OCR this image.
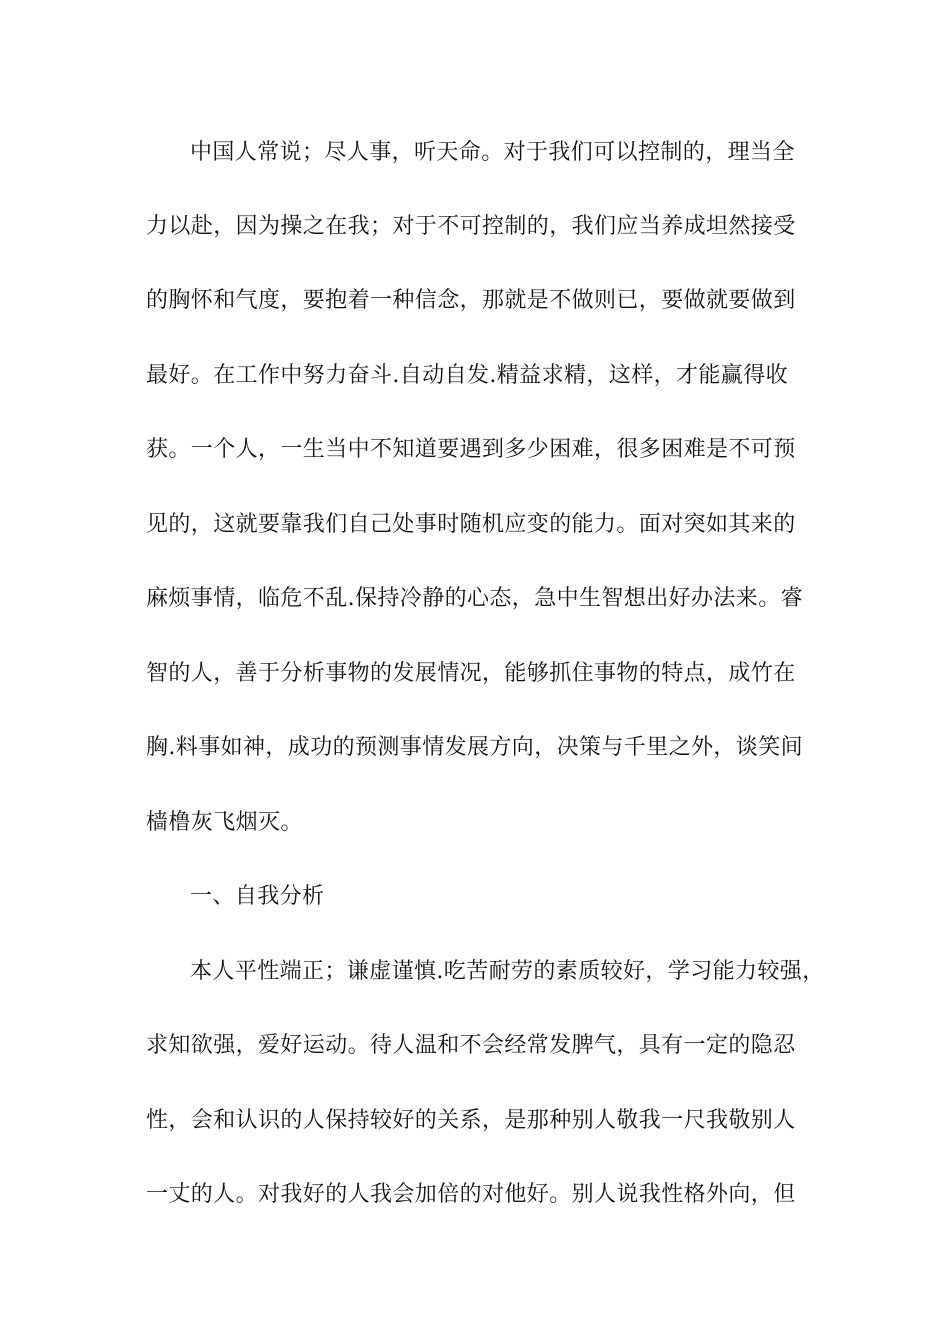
中国人常说；尽人事，听天命。对于我们可以控制的，理当全
力以赴，因为操之在我；对于不可控制的，我们应当养成坦然接受
的胸怀和气度，要抱着一种信念，那就是不做则已，要做就要做到
最好。在工作中努力奋斗.自动自发.精益求精，这样，才能赢得收
获。一个人，一生当中不知道要遇到多少困难，很多困难是不可预
见的，这就要靠我们自己处事时随机应变的能力。面对突如其来的
麻烦事情，临危不乱.保持冷静的心态，急中生智想出好办法来。睿
智的人，善于分析事物的发展情况，能够抓住事物的特点，成竹在
胸.料事如神，成功的预测事情发展方向，决策与千里之外，谈笑间
樯橹灰飞烟灭。
一、自我分析
本人平性端正；谦虚谨慎.吃苦耐劳的素质较好，学习能力较强，
求知欲强，爱好运动。待人温和不会经常发脾气，具有一定的隐忍
性，会和认识的人保持较好的关系，是那种别人敬我一尺我敬别人
一丈的人。对我好的人我会加倍的对他好。别人说我性格外向，但
